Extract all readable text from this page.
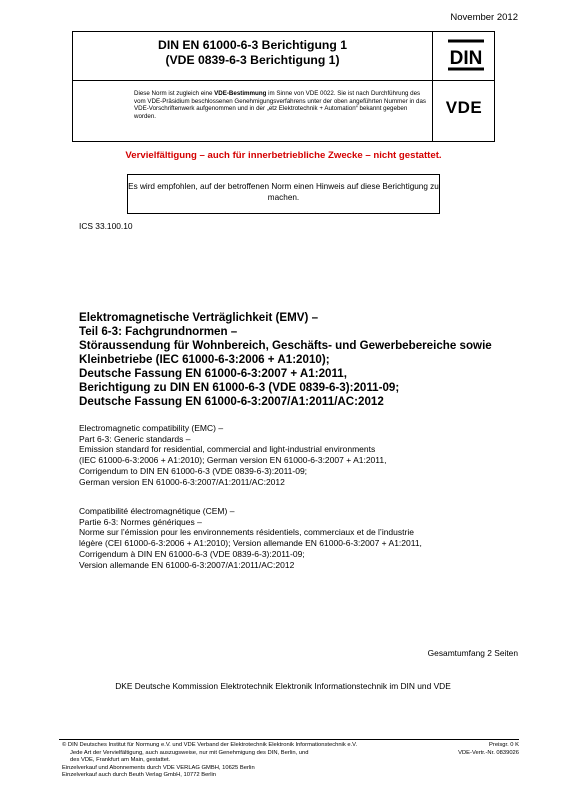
November 2012
DIN EN 61000-6-3 Berichtigung 1
(VDE 0839-6-3 Berichtigung 1)	DIN
VDE
Diese Norm ist zugleich eine VDE-Bestimmung im Sinne von VDE 0022. Sie ist nach Durchführung des vom VDE-Präsidium beschlossenen Genehmigungsverfahrens unter der oben angeführten Nummer in das VDE-Vorschriftenwerk aufgenommen und in der „etz Elektrotechnik + Automation“ bekannt gegeben worden.
Vervielfältigung – auch für innerbetriebliche Zwecke – nicht gestattet.
Es wird empfohlen, auf der betroffenen Norm einen Hinweis auf diese Berichtigung zu machen.
ICS 33.100.10
Elektromagnetische Verträglichkeit (EMV) –
Teil 6-3: Fachgrundnormen –
Störaussendung für Wohnbereich, Geschäfts- und Gewerbebereiche sowie
Kleinbetriebe (IEC 61000-6-3:2006 + A1:2010);
Deutsche Fassung EN 61000-6-3:2007 + A1:2011,
Berichtigung zu DIN EN 61000-6-3 (VDE 0839-6-3):2011-09;
Deutsche Fassung EN 61000-6-3:2007/A1:2011/AC:2012
Electromagnetic compatibility (EMC) –
Part 6-3: Generic standards –
Emission standard for residential, commercial and light-industrial environments
(IEC 61000-6-3:2006 + A1:2010); German version EN 61000-6-3:2007 + A1:2011,
Corrigendum to DIN EN 61000-6-3 (VDE 0839-6-3):2011-09;
German version EN 61000-6-3:2007/A1:2011/AC:2012
Compatibilité électromagnétique (CEM) –
Partie 6-3: Normes génériques –
Norme sur l’émission pour les environnements résidentiels, commerciaux et de l’industrie
légère (CEI 61000-6-3:2006 + A1:2010); Version allemande EN 61000-6-3:2007 + A1:2011,
Corrigendum à DIN EN 61000-6-3 (VDE 0839-6-3):2011-09;
Version allemande EN 61000-6-3:2007/A1:2011/AC:2012
Gesamtumfang 2 Seiten
DKE Deutsche Kommission Elektrotechnik Elektronik Informationstechnik im DIN und VDE
© DIN Deutsches Institut für Normung e.V. und VDE Verband der Elektrotechnik Elektronik Informationstechnik e.V.
Jede Art der Vervielfältigung, auch auszugsweise, nur mit Genehmigung des DIN, Berlin, und
des VDE, Frankfurt am Main, gestattet.
Einzelverkauf und Abonnements durch VDE VERLAG GMBH, 10625 Berlin
Einzelverkauf auch durch Beuth Verlag GmbH, 10772 Berlin
Preisgr. 0 K
VDE-Vertr.-Nr. 0839026
